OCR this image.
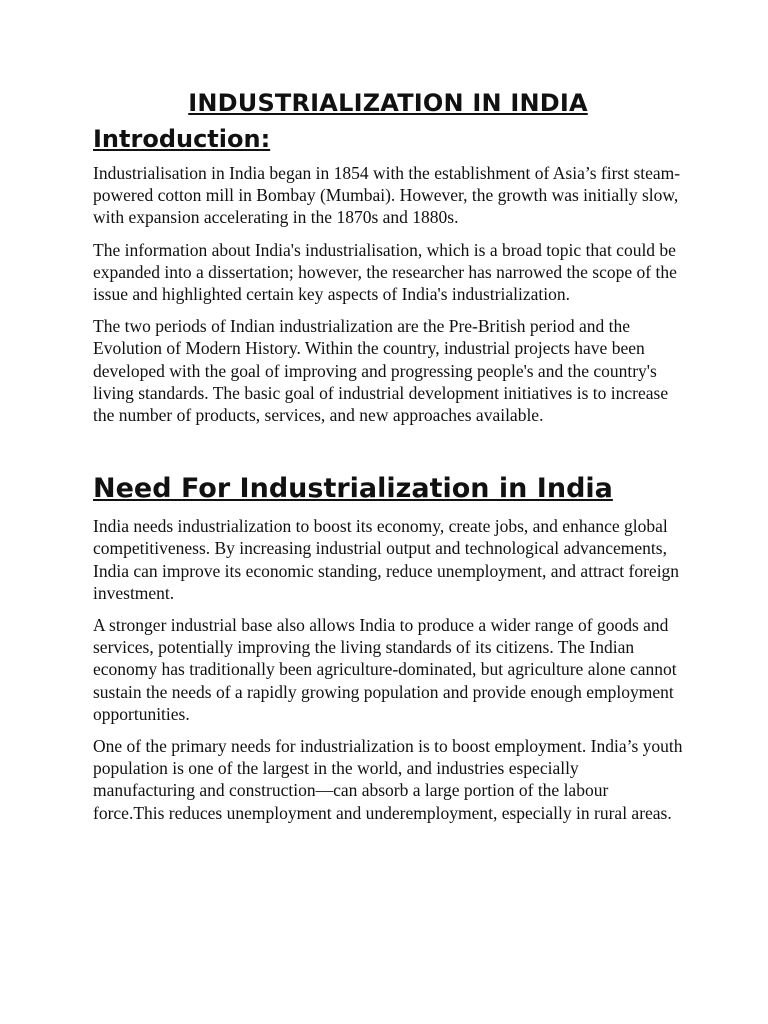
INDUSTRIALIZATION IN INDIA
Introduction:

Industrialisation in India began in 1854 with the establishment of Asia’s first steam-powered cotton mill in Bombay (Mumbai). However, the growth was initially slow, with expansion accelerating in the 1870s and 1880s.

The information about India's industrialisation, which is a broad topic that could be expanded into a dissertation; however, the researcher has narrowed the scope of the issue and highlighted certain key aspects of India's industrialization.

The two periods of Indian industrialization are the Pre-British period and the Evolution of Modern History. Within the country, industrial projects have been developed with the goal of improving and progressing people's and the country's living standards. The basic goal of industrial development initiatives is to increase the number of products, services, and new approaches available.

Need For Industrialization in India

India needs industrialization to boost its economy, create jobs, and enhance global competitiveness. By increasing industrial output and technological advancements, India can improve its economic standing, reduce unemployment, and attract foreign investment.

A stronger industrial base also allows India to produce a wider range of goods and services, potentially improving the living standards of its citizens. The Indian economy has traditionally been agriculture-dominated, but agriculture alone cannot sustain the needs of a rapidly growing population and provide enough employment opportunities.

One of the primary needs for industrialization is to boost employment. India’s youth population is one of the largest in the world, and industries especially manufacturing and construction—can absorb a large portion of the labour force.This reduces unemployment and underemployment, especially in rural areas.
